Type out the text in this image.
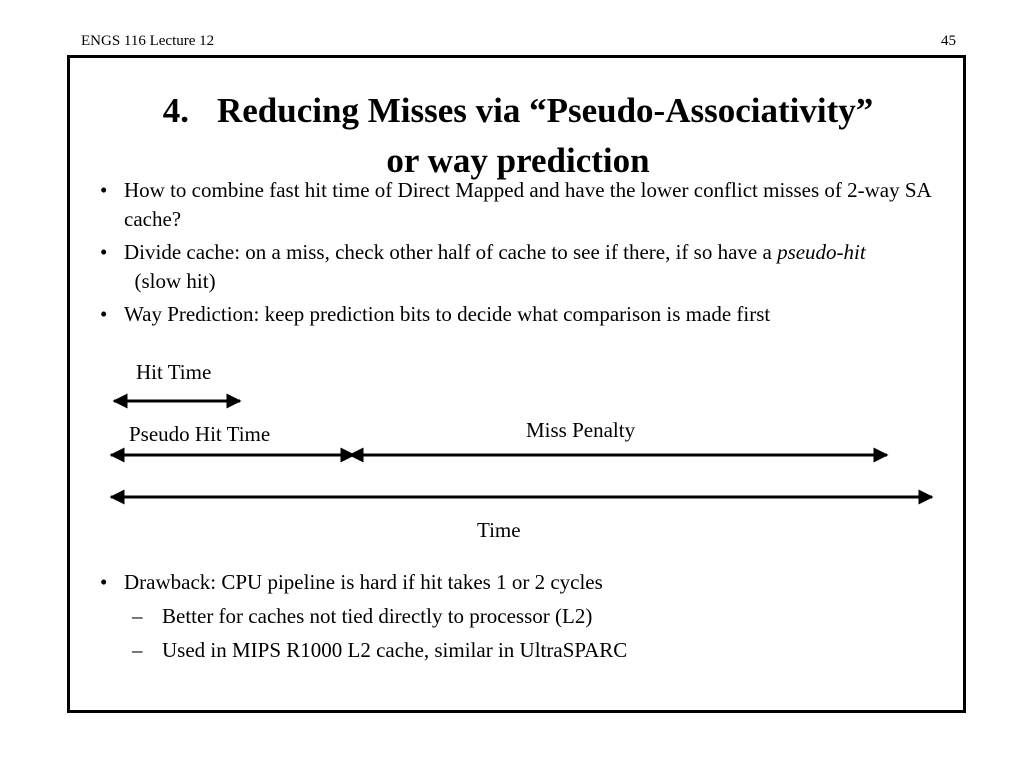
ENGS 116 Lecture 12	45
4. Reducing Misses via “Pseudo-Associativity”
or way prediction
• How to combine fast hit time of Direct Mapped and have the lower conflict misses of 2-way SA cache?
• Divide cache: on a miss, check other half of cache to see if there, if so have a pseudo-hit  (slow hit)
• Way Prediction: keep prediction bits to decide what comparison is made first
Hit Time
Pseudo Hit Time	Miss Penalty
Time
• Drawback: CPU pipeline is hard if hit takes 1 or 2 cycles
– Better for caches not tied directly to processor (L2)
– Used in MIPS R1000 L2 cache, similar in UltraSPARC
